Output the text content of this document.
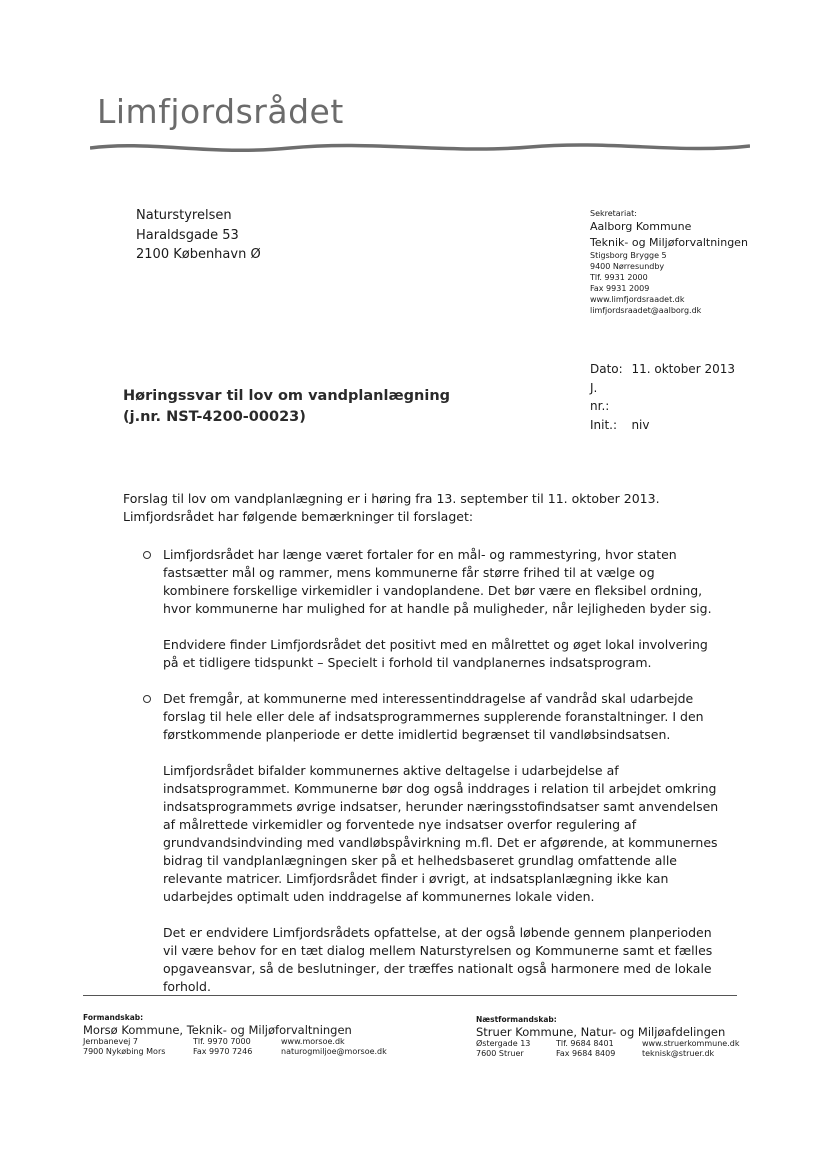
Limfjordsrådet
Naturstyrelsen
Haraldsgade 53
2100 København Ø
Sekretariat:
Aalborg Kommune
Teknik- og Miljøforvaltningen
Stigsborg Brygge 5
9400 Nørresundby
Tlf. 9931 2000
Fax 9931 2009
www.limfjordsraadet.dk
limfjordsraadet@aalborg.dk
Dato: 11. oktober 2013
J. nr.:
Init.: niv
Høringssvar til lov om vandplanlægning
(j.nr. NST-4200-00023)

Forslag til lov om vandplanlægning er i høring fra 13. september til 11. oktober 2013. Limfjordsrådet har følgende bemærkninger til forslaget:

Limfjordsrådet har længe været fortaler for en mål- og rammestyring, hvor staten fastsætter mål og rammer, mens kommunerne får større frihed til at vælge og kombinere forskellige virkemidler i vandoplandene. Det bør være en fleksibel ordning, hvor kommunerne har mulighed for at handle på muligheder, når lejligheden byder sig.

Endvidere finder Limfjordsrådet det positivt med en målrettet og øget lokal involvering på et tidligere tidspunkt – Specielt i forhold til vandplanernes indsatsprogram.

Det fremgår, at kommunerne med interessentinddragelse af vandråd skal udarbejde forslag til hele eller dele af indsatsprogrammernes supplerende foranstaltninger. I den førstkommende planperiode er dette imidlertid begrænset til vandløbsindsatsen.

Limfjordsrådet bifalder kommunernes aktive deltagelse i udarbejdelse af indsatsprogrammet. Kommunerne bør dog også inddrages i relation til arbejdet omkring indsatsprogrammets øvrige indsatser, herunder næringsstofindsatser samt anvendelsen af målrettede virkemidler og forventede nye indsatser overfor regulering af grundvandsindvinding med vandløbspåvirkning m.fl. Det er afgørende, at kommunernes bidrag til vandplanlægningen sker på et helhedsbaseret grundlag omfattende alle relevante matricer. Limfjordsrådet finder i øvrigt, at indsatsplanlægning ikke kan udarbejdes optimalt uden inddragelse af kommunernes lokale viden.

Det er endvidere Limfjordsrådets opfattelse, at der også løbende gennem planperioden vil være behov for en tæt dialog mellem Naturstyrelsen og Kommunerne samt et fælles opgaveansvar, så de beslutninger, der træffes nationalt også harmonere med de lokale forhold.

Formandskab:
Morsø Kommune, Teknik- og Miljøforvaltningen
Jernbanevej 7	Tlf. 9970 7000	www.morsoe.dk
7900 Nykøbing Mors	Fax 9970 7246	naturogmiljoe@morsoe.dk
Næstformandskab:
Struer Kommune, Natur- og Miljøafdelingen
Østergade 13	Tlf. 9684 8401	www.struerkommune.dk
7600 Struer	Fax 9684 8409	teknisk@struer.dk
